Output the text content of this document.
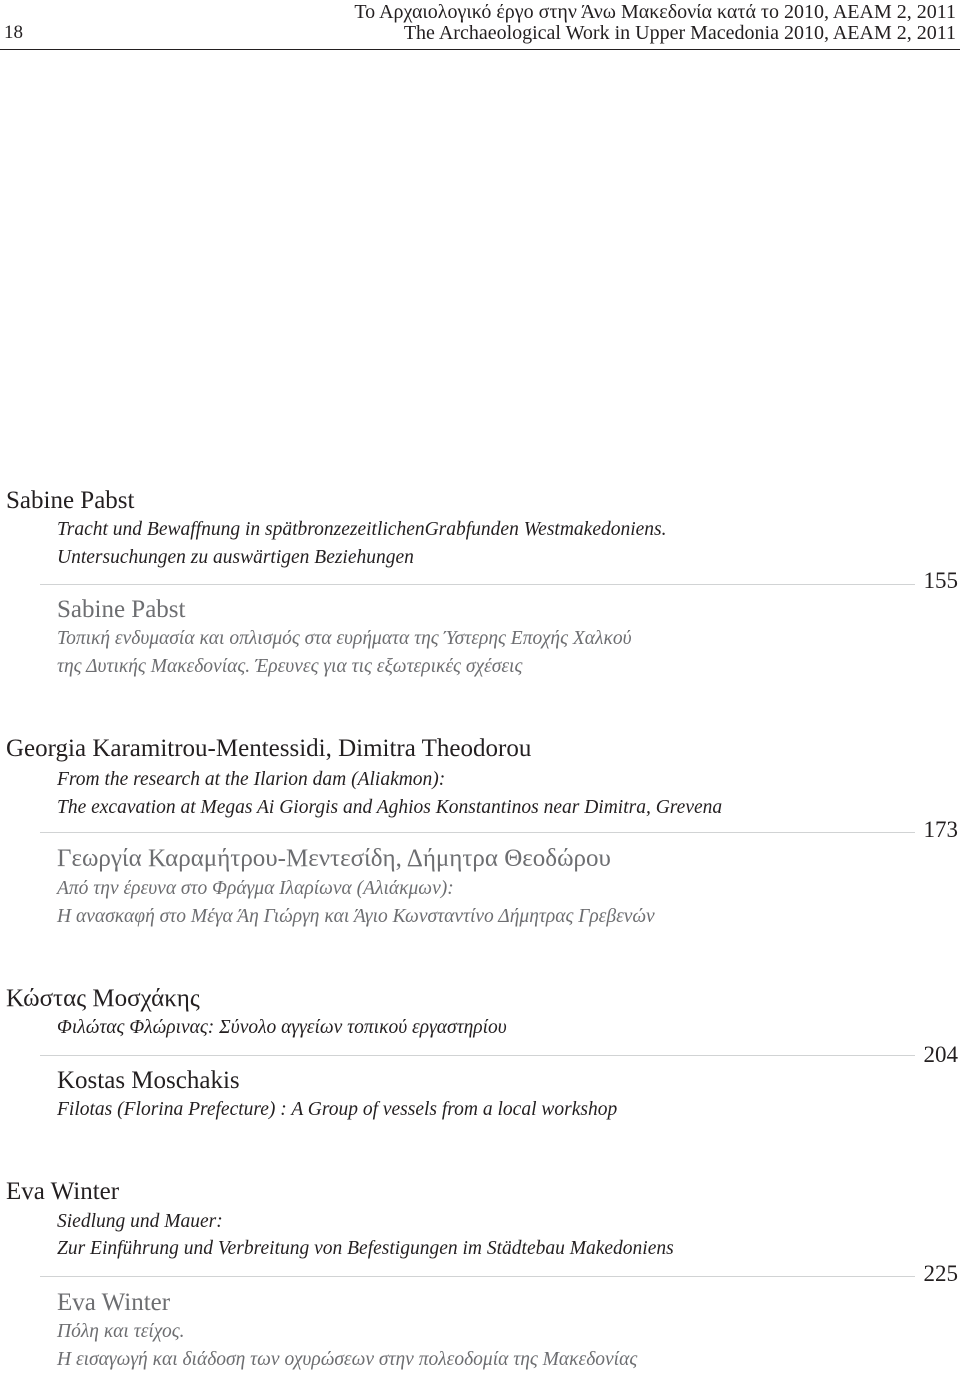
18
Το Αρχαιολογικό έργο στην Άνω Μακεδονία κατά το 2010, ΑΕΑΜ 2, 2011
The Archaeological Work in Upper Macedonia 2010, AEAM 2, 2011
Sabine Pabst
Tracht und Bewaffnung in spätbronzezeitlichenGrabfunden Westmakedoniens.
Untersuchungen zu auswärtigen Beziehungen
155
Sabine Pabst
Τοπική ενδυμασία και οπλισμός στα ευρήματα της Ύστερης Εποχής Χαλκού
της Δυτικής Μακεδονίας. Έρευνες για τις εξωτερικές σχέσεις
Georgia Karamitrou-Mentessidi, Dimitra Theodorou
From the research at the Ilarion dam (Aliakmon):
The excavation at Megas Ai Giorgis and Aghios Konstantinos near Dimitra, Grevena
173
Γεωργία Καραμήτρου-Μεντεσίδη, Δήμητρα Θεοδώρου
Από την έρευνα στο Φράγμα Ιλαρίωνα (Αλιάκμων):
Η ανασκαφή στο Μέγα Άη Γιώργη και Άγιο Κωνσταντίνο Δήμητρας Γρεβενών
Κώστας Μοσχάκης
Φιλώτας Φλώρινας: Σύνολο αγγείων τοπικού εργαστηρίου
204
Kostas Moschakis
Filotas (Florina Prefecture) : A Group of vessels from a local workshop
Eva Winter
Siedlung und Mauer:
Zur Einführung und Verbreitung von Befestigungen im Städtebau Makedoniens
225
Eva Winter
Πόλη και τείχος.
Η εισαγωγή και διάδοση των οχυρώσεων στην πολεοδομία της Μακεδονίας
